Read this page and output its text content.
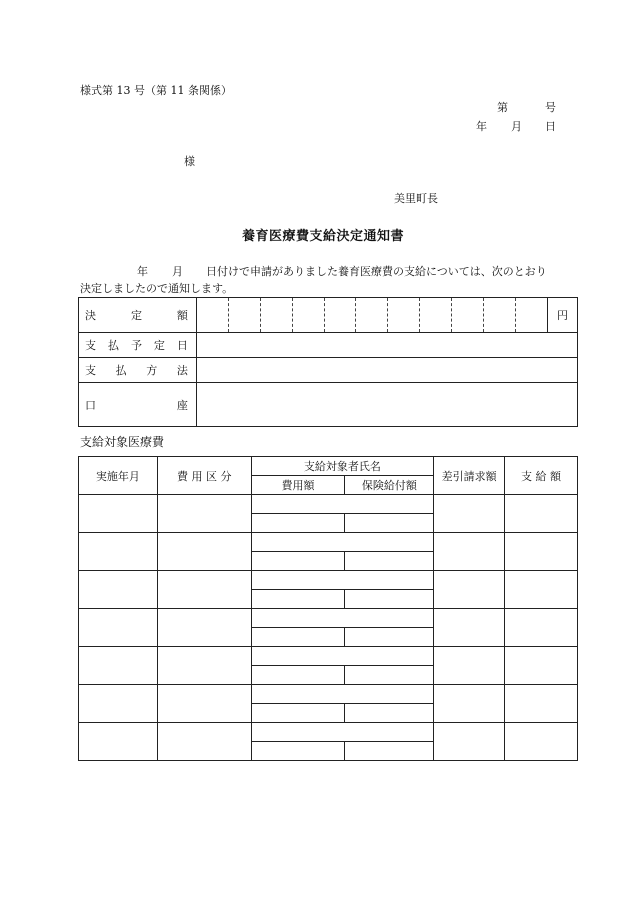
様式第 13 号（第 11 条関係）
第	号
年 月 日
様
美里町長
養育医療費支給決定通知書
年 月 日付けで申請がありました養育医療費の支給については、次のとおり
決定しましたので通知します。
決 定 額												円

支 払 予 定 日												

支 払 方 法												

口 座												

支給対象医療費
実施年月	費 用 区 分	支給対象者氏名		差引請求額	支 給 額
		費用額	保険給付額		
